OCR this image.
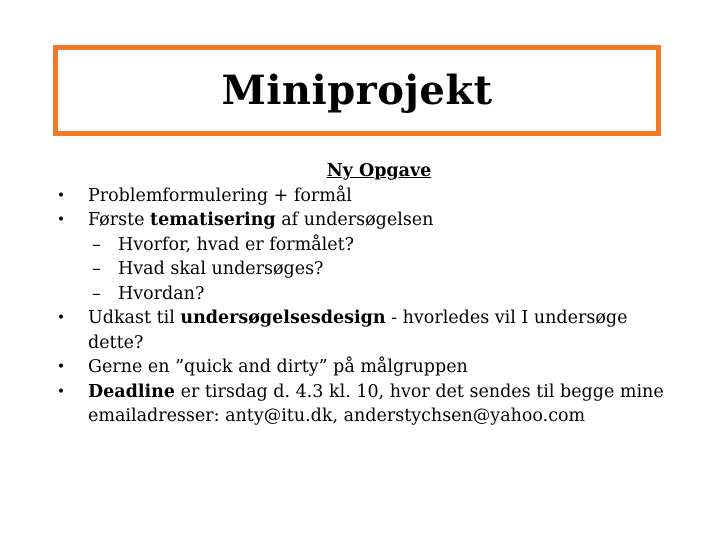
Miniprojekt
Ny Opgave
• Problemformulering + formål
• Første tematisering af undersøgelsen
– Hvorfor, hvad er formålet?
– Hvad skal undersøges?
– Hvordan?
• Udkast til undersøgelsesdesign - hvorledes vil I undersøge dette?
• Gerne en ”quick and dirty” på målgruppen
• Deadline er tirsdag d. 4.3 kl. 10, hvor det sendes til begge mine emailadresser: anty@itu.dk, anderstychsen@yahoo.com
